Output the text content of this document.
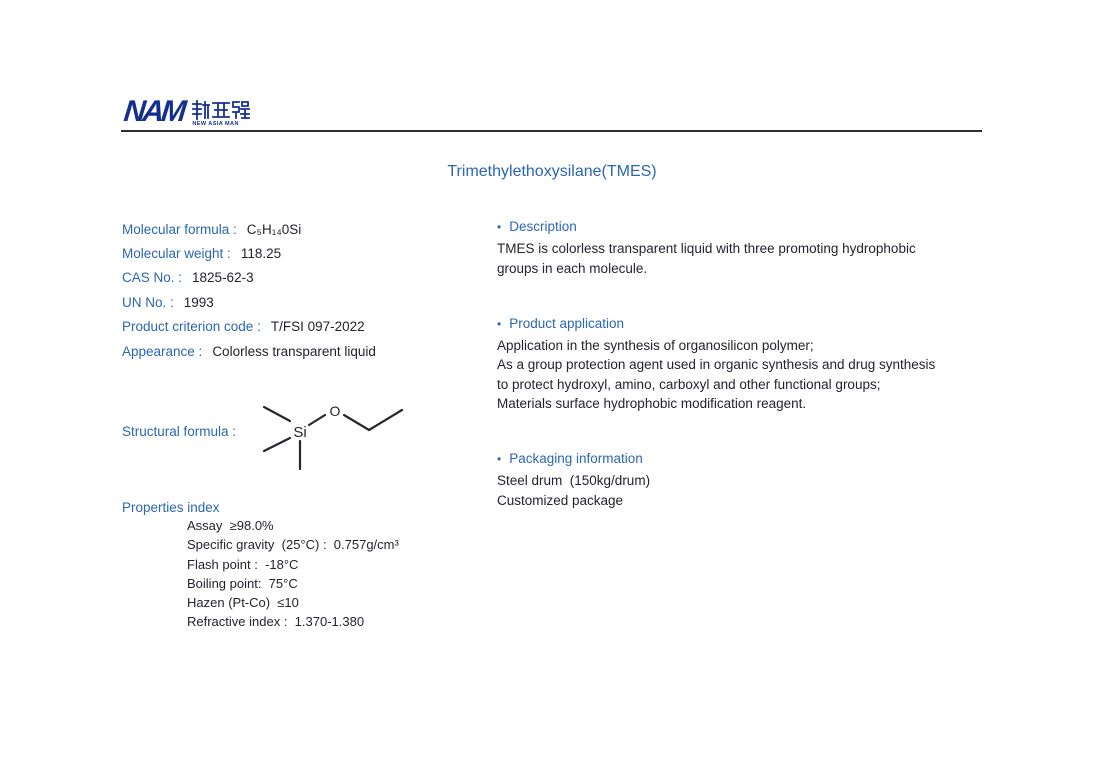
NAM	NEW ASIA MAN
Trimethylethoxysilane(TMES)
Molecular formula : C₅H₁₄0Si
Molecular weight : 118.25
CAS No. : 1825-62-3
UN No. : 1993
Product criterion code : T/FSI 097-2022
Appearance : Colorless transparent liquid
Structural formula :	Si
O
Properties index
Assay  ≥98.0%
Specific gravity  (25°C) :  0.757g/cm³
Flash point :  -18°C
Boiling point:  75°C
Hazen (Pt-Co)  ≤10
Refractive index :  1.370-1.380
• Description
TMES is colorless transparent liquid with three promoting hydrophobic
groups in each molecule.
• Product application
Application in the synthesis of organosilicon polymer;
As a group protection agent used in organic synthesis and drug synthesis
to protect hydroxyl, amino, carboxyl and other functional groups;
Materials surface hydrophobic modification reagent.
• Packaging information
Steel drum  (150kg/drum)
Customized package
